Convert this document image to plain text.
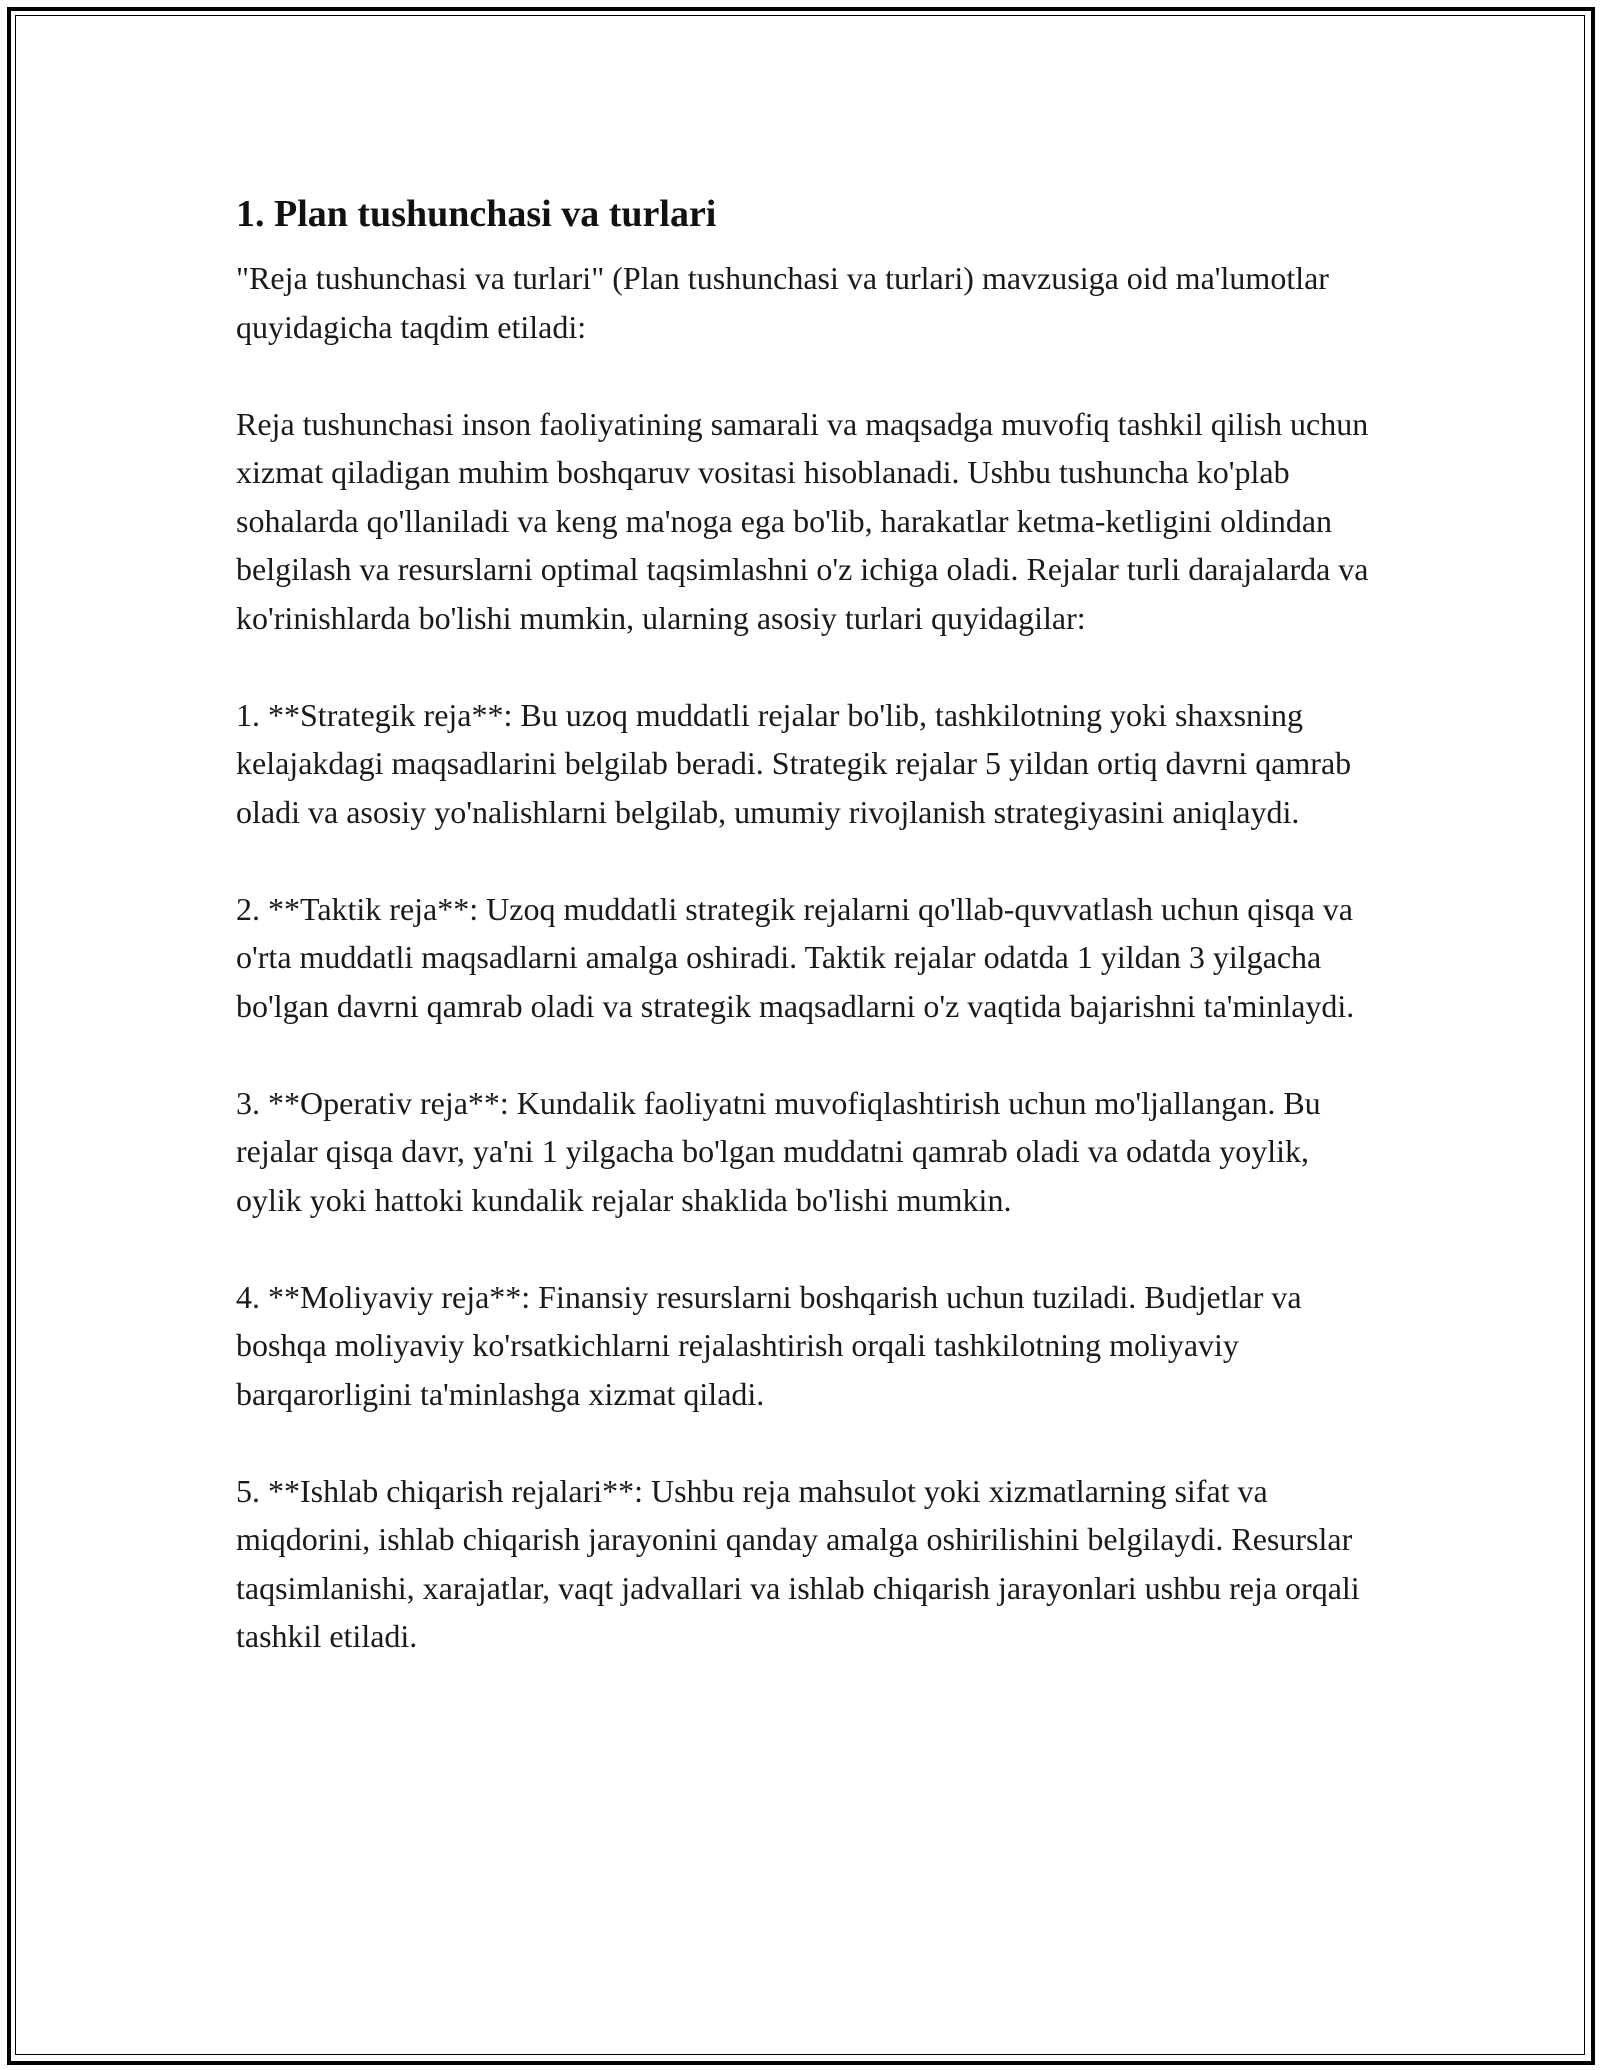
1. Plan tushunchasi va turlari

"Reja tushunchasi va turlari" (Plan tushunchasi va turlari) mavzusiga oid ma'lumotlar quyidagicha taqdim etiladi:

Reja tushunchasi inson faoliyatining samarali va maqsadga muvofiq tashkil qilish uchun xizmat qiladigan muhim boshqaruv vositasi hisoblanadi. Ushbu tushuncha ko'plab sohalarda qo'llaniladi va keng ma'noga ega bo'lib, harakatlar ketma-ketligini oldindan belgilash va resurslarni optimal taqsimlashni o'z ichiga oladi. Rejalar turli darajalarda va ko'rinishlarda bo'lishi mumkin, ularning asosiy turlari quyidagilar:

1. **Strategik reja**: Bu uzoq muddatli rejalar bo'lib, tashkilotning yoki shaxsning kelajakdagi maqsadlarini belgilab beradi. Strategik rejalar 5 yildan ortiq davrni qamrab oladi va asosiy yo'nalishlarni belgilab, umumiy rivojlanish strategiyasini aniqlaydi.

2. **Taktik reja**: Uzoq muddatli strategik rejalarni qo'llab-quvvatlash uchun qisqa va o'rta muddatli maqsadlarni amalga oshiradi. Taktik rejalar odatda 1 yildan 3 yilgacha bo'lgan davrni qamrab oladi va strategik maqsadlarni o'z vaqtida bajarishni ta'minlaydi.

3. **Operativ reja**: Kundalik faoliyatni muvofiqlashtirish uchun mo'ljallangan. Bu rejalar qisqa davr, ya'ni 1 yilgacha bo'lgan muddatni qamrab oladi va odatda yoylik, oylik yoki hattoki kundalik rejalar shaklida bo'lishi mumkin.

4. **Moliyaviy reja**: Finansiy resurslarni boshqarish uchun tuziladi. Budjetlar va boshqa moliyaviy ko'rsatkichlarni rejalashtirish orqali tashkilotning moliyaviy barqarorligini ta'minlashga xizmat qiladi.

5. **Ishlab chiqarish rejalari**: Ushbu reja mahsulot yoki xizmatlarning sifat va miqdorini, ishlab chiqarish jarayonini qanday amalga oshirilishini belgilaydi. Resurslar taqsimlanishi, xarajatlar, vaqt jadvallari va ishlab chiqarish jarayonlari ushbu reja orqali tashkil etiladi.
